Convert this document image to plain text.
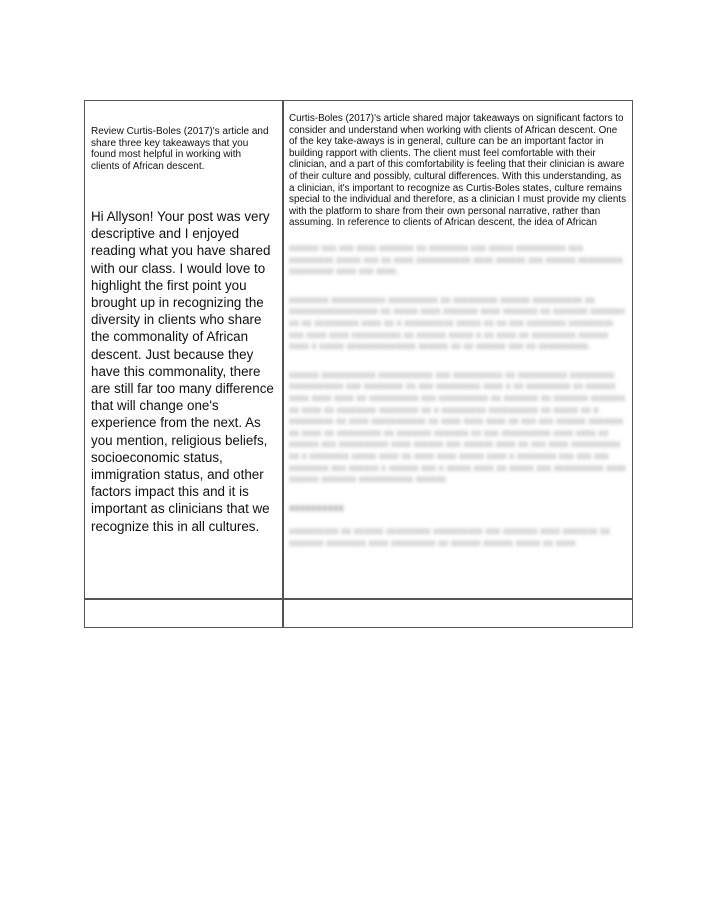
Review Curtis-Boles (2017)'s article and share three key takeaways that you found most helpful in working with clients of African descent.
Hi Allyson! Your post was very descriptive and I enjoyed reading what you have shared with our class. I would love to highlight the first point you brought up in recognizing the diversity in clients who share the commonality of African descent. Just because they have this commonality, there are still far too many difference that will change one's experience from the next. As you mention, religious beliefs, socioeconomic status, immigration status, and other factors impact this and it is important as clinicians that we recognize this in all cultures.
Curtis-Boles (2017)'s article shared major takeaways on significant factors to consider and understand when working with clients of African descent. One of the key take-aways is in general, culture can be an important factor in building rapport with clients. The client must feel comfortable with their clinician, and a part of this comfortability is feeling that their clinician is aware of their culture and possibly, cultural differences. With this understanding, as a clinician, it's important to recognize as Curtis-Boles states, culture remains special to the individual and therefore, as a clinician I must provide my clients with the platform to share from their own personal narrative, rather than assuming. In reference to clients of African descent, the idea of African

xxxxxx xxx xxx xxxx xxxxxxx xx xxxxxxxx xxx xxxxx xxxxxxxxxx xxx xxxxxxxxx xxxxx xxx xx xxxx xxxxxxxxxxx xxxx xxxxxx xxx xxxxxx xxxxxxxxx xxxxxxxxx xxxx xxx xxxx.

xxxxxxxx xxxxxxxxxxx xxxxxxxxxx xx xxxxxxxxx xxxxxx xxxxxxxxxx xx xxxxxxxxxxxxxxxxxx xx xxxxx xxxx xxxxxxx xxxx xxxxxxx xx xxxxxxx xxxxxxx xx xx xxxxxxxxx xxxx xx x xxxxxxxxxx xxxxx xx xx xxx xxxxxxxx xxxxxxxxx xxx xxxx xxxx xxxxxxxxxx xx xxxxxx xxxxx x xx xxxx xx xxxxxxxxx xxxxxx xxxx x xxxxx xxxxxxxxxxxxxx xxxxxx xx xx xxxxxx xxx xx xxxxxxxxxx.

xxxxxx xxxxxxxxxxx xxxxxxxxxxx xxx xxxxxxxxxx xx xxxxxxxxxx xxxxxxxxx xxxxxxxxxxx xxx xxxxxxxx xx xxx xxxxxxxxx xxxx x xx xxxxxxxxx xx xxxxxx xxxx xxxx xxxx xx xxxxxxxxxx xxx xxxxxxxxxx xx xxxxxxx xx xxxxxxx xxxxxxx xx xxxx xx xxxxxxxx xxxxxxxx xx x xxxxxxxxx xxxxxxxxxx xx xxxxx xx x xxxxxxxxx xx xxxx xxxxxxxxxxx xx xxxx xxxx xxxx xx xxx xxx xxxxxx xxxxxxx xx xxxx xx xxxxxxxxx xx xxxxxxx xxxxxxx xx xxx xxxxxxxxxx xxxx xxxx xx xxxxxx xxx xxxxxxxxxx xxxx xxxxxx xxx xxxxxx xxxx xx xxx xxxx xxxxxxxxxx xx x xxxxxxxx xxxxx xxxx xx xxxx xxxx xxxxx xxxx x xxxxxxxx xxx xxx xxx xxxxxxxx xxx xxxxxx x xxxxxx xxx x xxxxx xxxx xx xxxxx xxx xxxxxxxxxx xxxx xxxxxx xxxxxxx xxxxxxxxxxx xxxxxx.

xxxxxxxxxx

xxxxxxxxxx xx xxxxxx xxxxxxxxx xxxxxxxxxx xxx xxxxxxx xxxx xxxxxxx xx xxxxxxx xxxxxxxx xxxx xxxxxxxxx xx xxxxxx xxxxxx xxxxx xx xxxx
